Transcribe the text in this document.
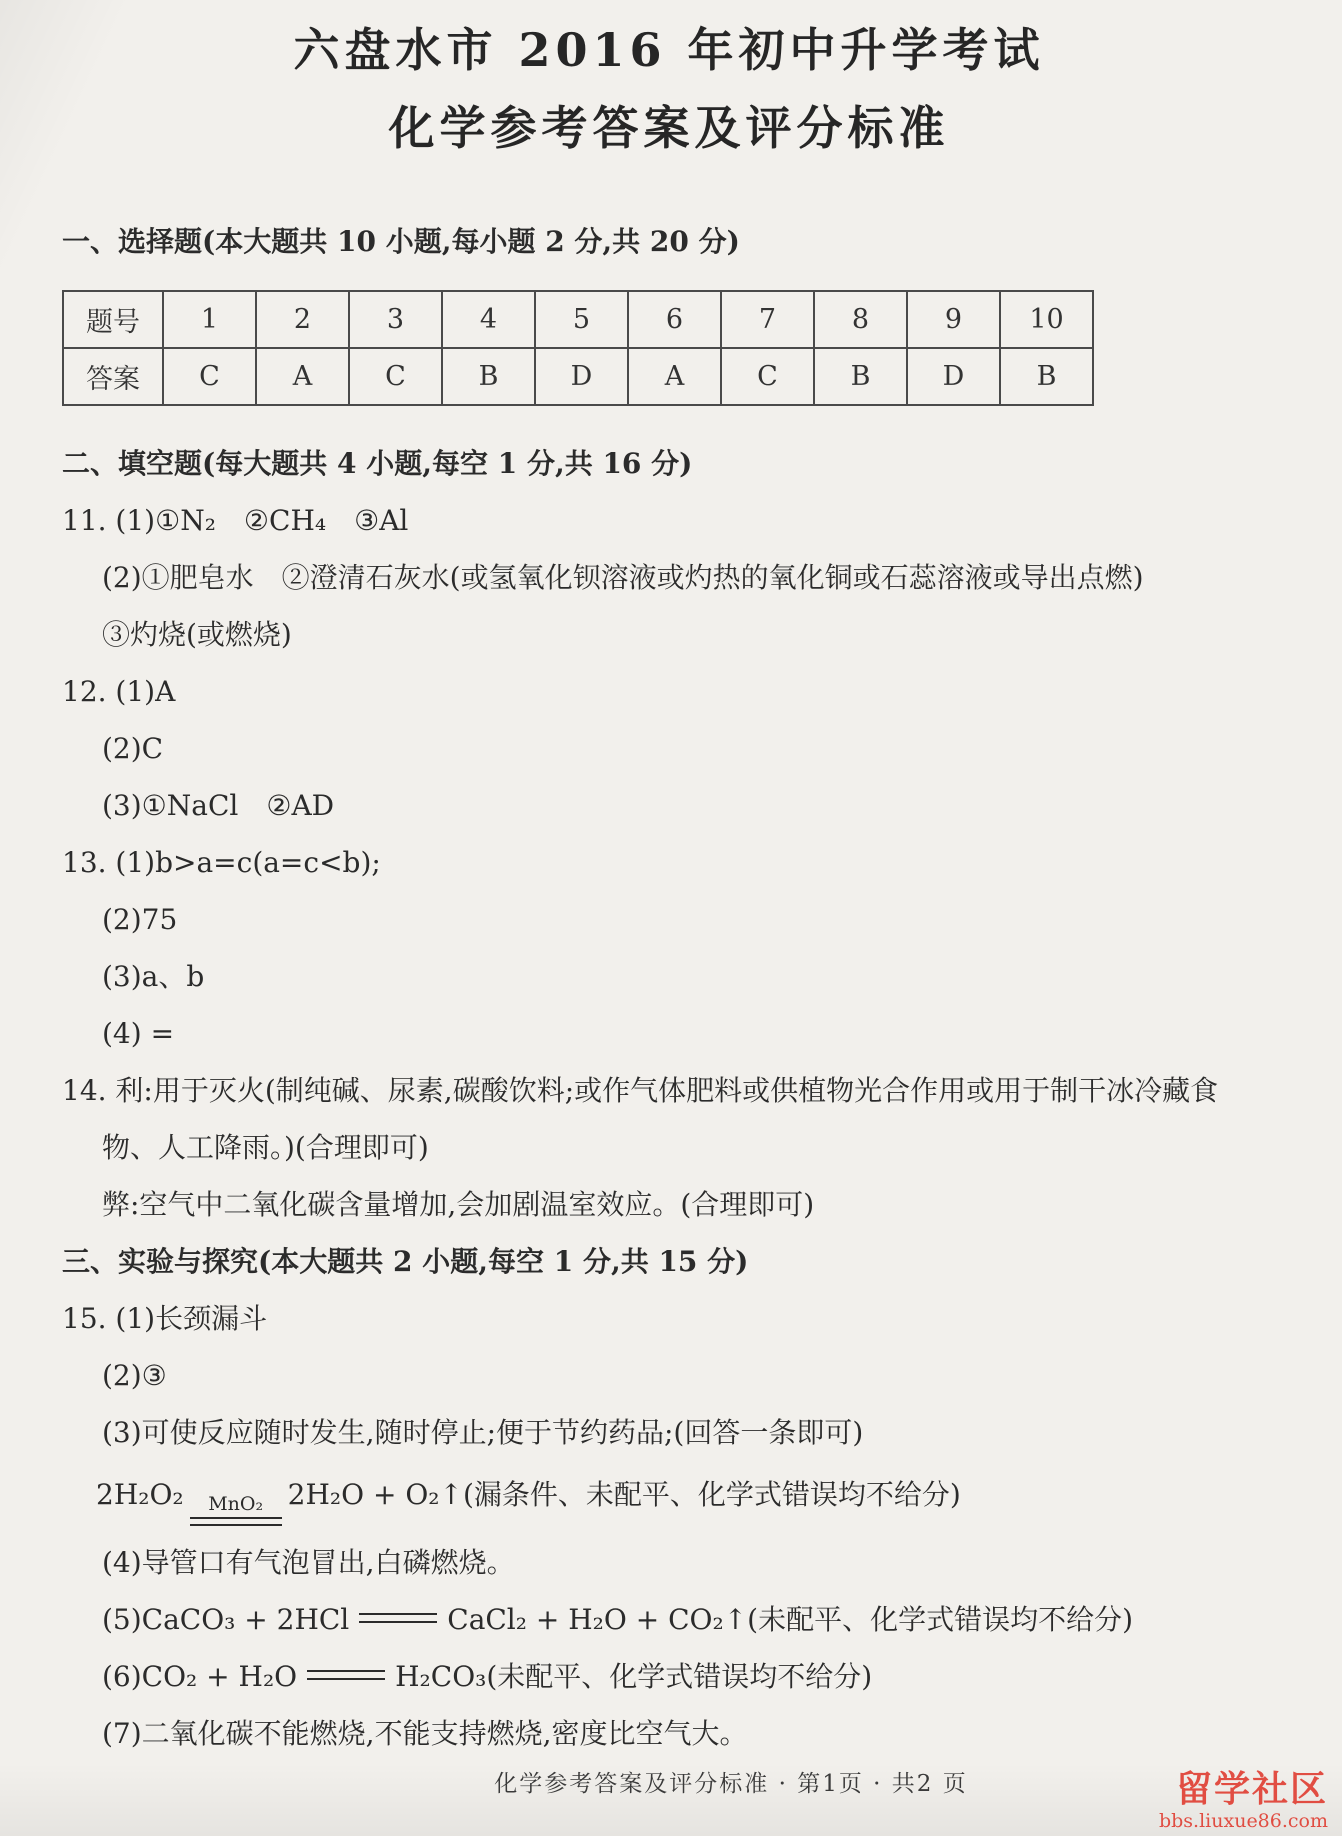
六盘水市 2016 年初中升学考试
化学参考答案及评分标准
一、选择题(本大题共 10 小题,每小题 2 分,共 20 分)
题号	1	2	3	4	5	6	7	8	9	10
答案	C	A	C	B	D	A	C	B	D	B
二、填空题(每大题共 4 小题,每空 1 分,共 16 分)
11. (1)①N₂　②CH₄　③Al
(2)①肥皂水　②澄清石灰水(或氢氧化钡溶液或灼热的氧化铜或石蕊溶液或导出点燃)
③灼烧(或燃烧)
12. (1)A
(2)C
(3)①NaCl　②AD
13. (1)b>a=c(a=c<b);
(2)75
(3)a、b
(4) =
14. 利:用于灭火(制纯碱、尿素,碳酸饮料;或作气体肥料或供植物光合作用或用于制干冰冷藏食
物、人工降雨。)(合理即可)
弊:空气中二氧化碳含量增加,会加剧温室效应。(合理即可)
三、实验与探究(本大题共 2 小题,每空 1 分,共 15 分)
15. (1)长颈漏斗
(2)③
(3)可使反应随时发生,随时停止;便于节约药品;(回答一条即可)
2H₂O₂ MnO₂ 2H₂O + O₂↑(漏条件、未配平、化学式错误均不给分)
(4)导管口有气泡冒出,白磷燃烧。
(5)CaCO₃ + 2HCl	CaCl₂ + H₂O + CO₂↑(未配平、化学式错误均不给分)
(6)CO₂ + H₂O	H₂CO₃(未配平、化学式错误均不给分)
(7)二氧化碳不能燃烧,不能支持燃烧,密度比空气大。
化学参考答案及评分标准 · 第1页 · 共2 页	留学社区
bbs.liuxue86.com
